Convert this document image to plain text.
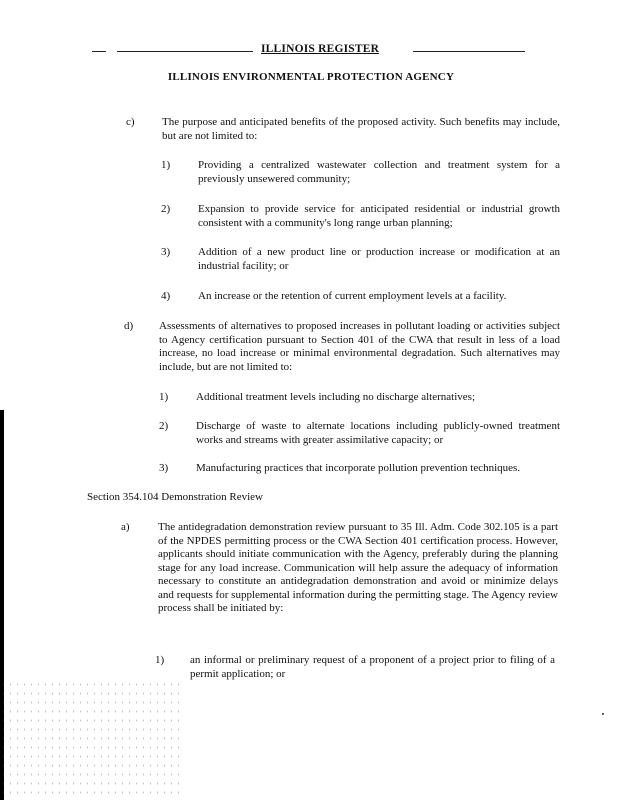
ILLINOIS REGISTER
ILLINOIS ENVIRONMENTAL PROTECTION AGENCY
c) The purpose and anticipated benefits of the proposed activity. Such benefits may include, but are not limited to:
1)	Providing a centralized wastewater collection and treatment system for a previously unsewered community;
2)	Expansion to provide service for anticipated residential or industrial growth consistent with a community's long range urban planning;
3)	Addition of a new product line or production increase or modification at an industrial facility; or
4)	An increase or the retention of current employment levels at a facility.
d) Assessments of alternatives to proposed increases in pollutant loading or activities subject to Agency certification pursuant to Section 401 of the CWA that result in less of a load increase, no load increase or minimal environmental degradation. Such alternatives may include, but are not limited to:
1)	Additional treatment levels including no discharge alternatives;
2)	Discharge of waste to alternate locations including publicly-owned treatment works and streams with greater assimilative capacity; or
3)	Manufacturing practices that incorporate pollution prevention techniques.
Section 354.104 Demonstration Review
a)	The antidegradation demonstration review pursuant to 35 Ill. Adm. Code 302.105 is a part of the NPDES permitting process or the CWA Section 401 certification process. However, applicants should initiate communication with the Agency, preferably during the planning stage for any load increase. Communication will help assure the adequacy of information necessary to constitute an antidegradation demonstration and avoid or minimize delays and requests for supplemental information during the permitting stage. The Agency review process shall be initiated by:
1) an informal or preliminary request of a proponent of a project prior to filing of a permit application; or
